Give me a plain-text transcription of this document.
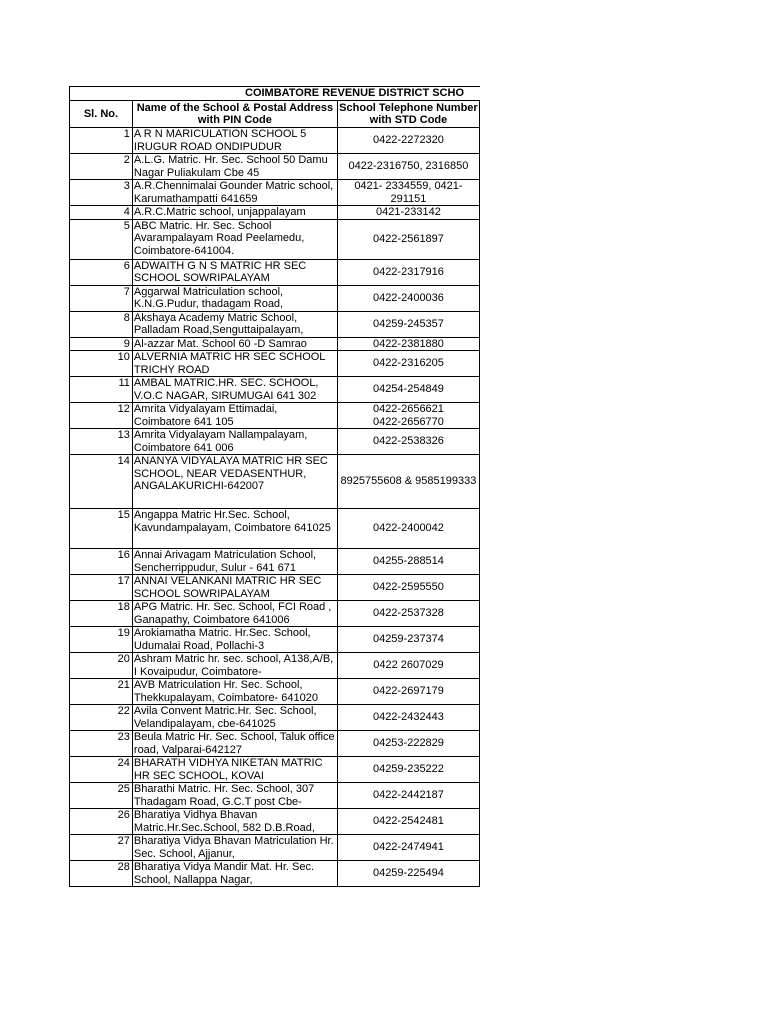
COIMBATORE REVENUE DISTRICT SCHO		
Sl. No.	Name of the School & Postal Address with PIN Code	School Telephone Number with STD Code
1	A R N MARICULATION SCHOOL 5 IRUGUR ROAD ONDIPUDUR	0422-2272320
2	A.L.G. Matric. Hr. Sec. School 50 Damu Nagar Puliakulam Cbe 45	0422-2316750, 2316850
3	A.R.Chennimalai Gounder Matric school, Karumathampatti 641659	0421- 2334559, 0421-291151
4	A.R.C.Matric school, unjappalayam	0421-233142
5	ABC Matric. Hr. Sec. School Avarampalayam Road Peelamedu, Coimbatore-641004.	0422-2561897
6	ADWAITH G N S MATRIC HR SEC SCHOOL SOWRIPALAYAM	0422-2317916
7	Aggarwal Matriculation school, K.N.G.Pudur, thadagam Road,	0422-2400036
8	Akshaya Academy Matric School, Palladam Road,Senguttaipalayam,	04259-245357
9	Al-azzar Mat. School 60 -D Samrao	0422-2381880
10	ALVERNIA MATRIC HR SEC SCHOOL TRICHY ROAD	0422-2316205
11	AMBAL MATRIC.HR. SEC. SCHOOL, V.O.C NAGAR, SIRUMUGAI 641 302	04254-254849
12	Amrita Vidyalayam Ettimadai, Coimbatore 641 105	0422-2656621
0422-2656770
13	Amrita Vidyalayam Nallampalayam, Coimbatore 641 006	0422-2538326
14	ANANYA VIDYALAYA MATRIC HR SEC SCHOOL, NEAR VEDASENTHUR, ANGALAKURICHI-642007	8925755608 & 9585199333
15	Angappa Matric Hr.Sec. School, Kavundampalayam, Coimbatore 641025	0422-2400042
16	Annai Arivagam Matriculation School, Sencherrippudur, Sulur - 641 671	04255-288514
17	ANNAI VELANKANI MATRIC HR SEC SCHOOL SOWRIPALAYAM	0422-2595550
18	APG Matric. Hr. Sec. School, FCI Road , Ganapathy, Coimbatore 641006	0422-2537328
19	Arokiamatha Matric. Hr.Sec. School, Udumalai Road, Pollachi-3	04259-237374
20	Ashram Matric hr. sec. school, A138,A/B, I Kovaipudur, Coimbatore-	0422 2607029
21	AVB Matriculation Hr. Sec. School, Thekkupalayam, Coimbatore- 641020	0422-2697179
22	Avila Convent Matric.Hr. Sec. School, Velandipalayam, cbe-641025	0422-2432443
23	Beula Matric Hr. Sec. School, Taluk office road, Valparai-642127	04253-222829
24	BHARATH VIDHYA NIKETAN MATRIC HR SEC SCHOOL, KOVAI	04259-235222
25	Bharathi Matric. Hr. Sec. School, 307 Thadagam Road, G.C.T post Cbe-	0422-2442187
26	Bharatiya Vidhya Bhavan Matric.Hr.Sec.School, 582 D.B.Road,	0422-2542481
27	Bharatiya Vidya Bhavan Matriculation Hr. Sec. School, Ajjanur,	0422-2474941
28	Bharatiya Vidya Mandir Mat. Hr. Sec. School, Nallappa Nagar,	04259-225494
